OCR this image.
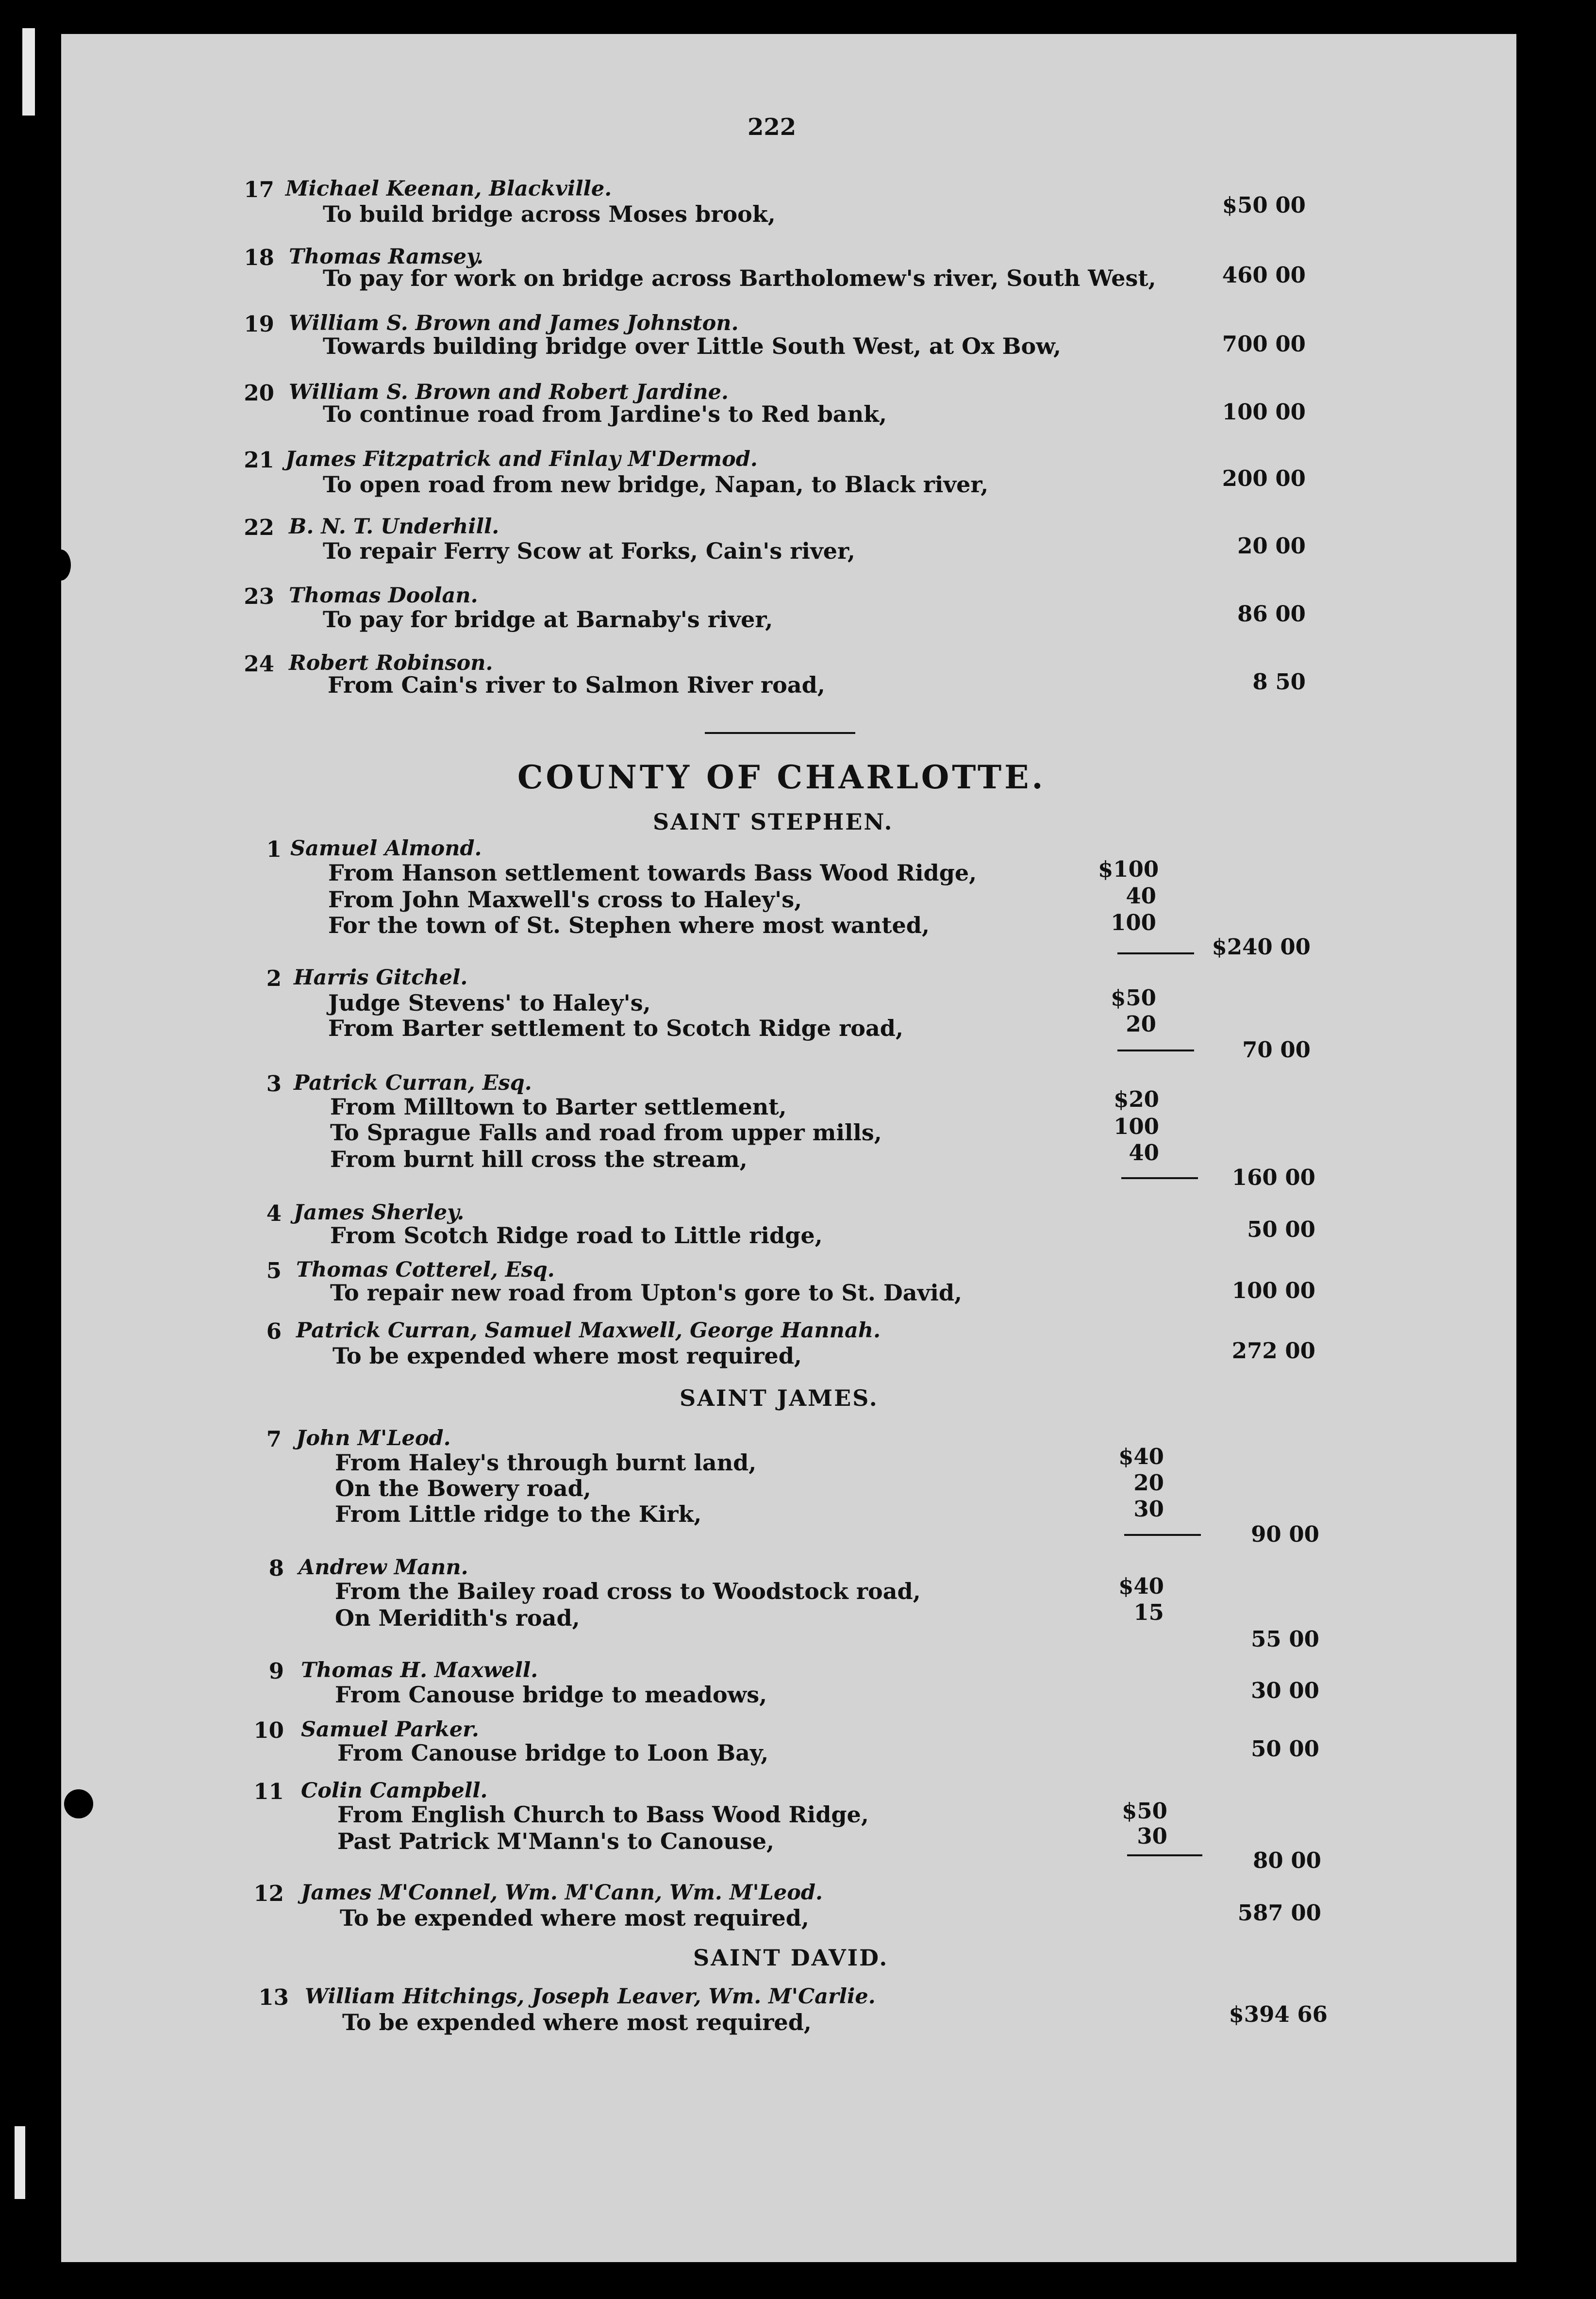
222
17 Michael Keenan, Blackville.
To build bridge across Moses brook,	$50 00
18 Thomas Ramsey.
To pay for work on bridge across Bartholomew's river, South West,	460 00
19 William S. Brown and James Johnston.
Towards building bridge over Little South West, at Ox Bow,	700 00
20 William S. Brown and Robert Jardine.
To continue road from Jardine's to Red bank,	100 00
21 James Fitzpatrick and Finlay M'Dermod.
To open road from new bridge, Napan, to Black river,	200 00
22 B. N. T. Underhill.
To repair Ferry Scow at Forks, Cain's river,	20 00
23 Thomas Doolan.
To pay for bridge at Barnaby's river,	86 00
24 Robert Robinson.
From Cain's river to Salmon River road,	8 50
COUNTY OF CHARLOTTE.
SAINT STEPHEN.
1 Samuel Almond.
From Hanson settlement towards Bass Wood Ridge,	$100
From John Maxwell's cross to Haley's,	40
For the town of St. Stephen where most wanted,	100
$240 00
2 Harris Gitchel.
Judge Stevens' to Haley's,	$50
From Barter settlement to Scotch Ridge road,	20
70 00
3 Patrick Curran, Esq.
From Milltown to Barter settlement,	$20
To Sprague Falls and road from upper mills,	100
From burnt hill cross the stream,	40
160 00
4 James Sherley.
From Scotch Ridge road to Little ridge,	50 00
5 Thomas Cotterel, Esq.
To repair new road from Upton's gore to St. David,	100 00
6 Patrick Curran, Samuel Maxwell, George Hannah.
To be expended where most required,	272 00
SAINT JAMES.
7 John M'Leod.
From Haley's through burnt land,	$40
On the Bowery road,	20
From Little ridge to the Kirk,	30
90 00
8 Andrew Mann.
From the Bailey road cross to Woodstock road,	$40
On Meridith's road,	15
55 00
9 Thomas H. Maxwell.
From Canouse bridge to meadows,	30 00
10 Samuel Parker.
From Canouse bridge to Loon Bay,	50 00
11 Colin Campbell.
From English Church to Bass Wood Ridge,	$50
Past Patrick M'Mann's to Canouse,	30
80 00
12 James M'Connel, Wm. M'Cann, Wm. M'Leod.
To be expended where most required,	587 00
SAINT DAVID.
13 William Hitchings, Joseph Leaver, Wm. M'Carlie.
To be expended where most required,	$394 66
